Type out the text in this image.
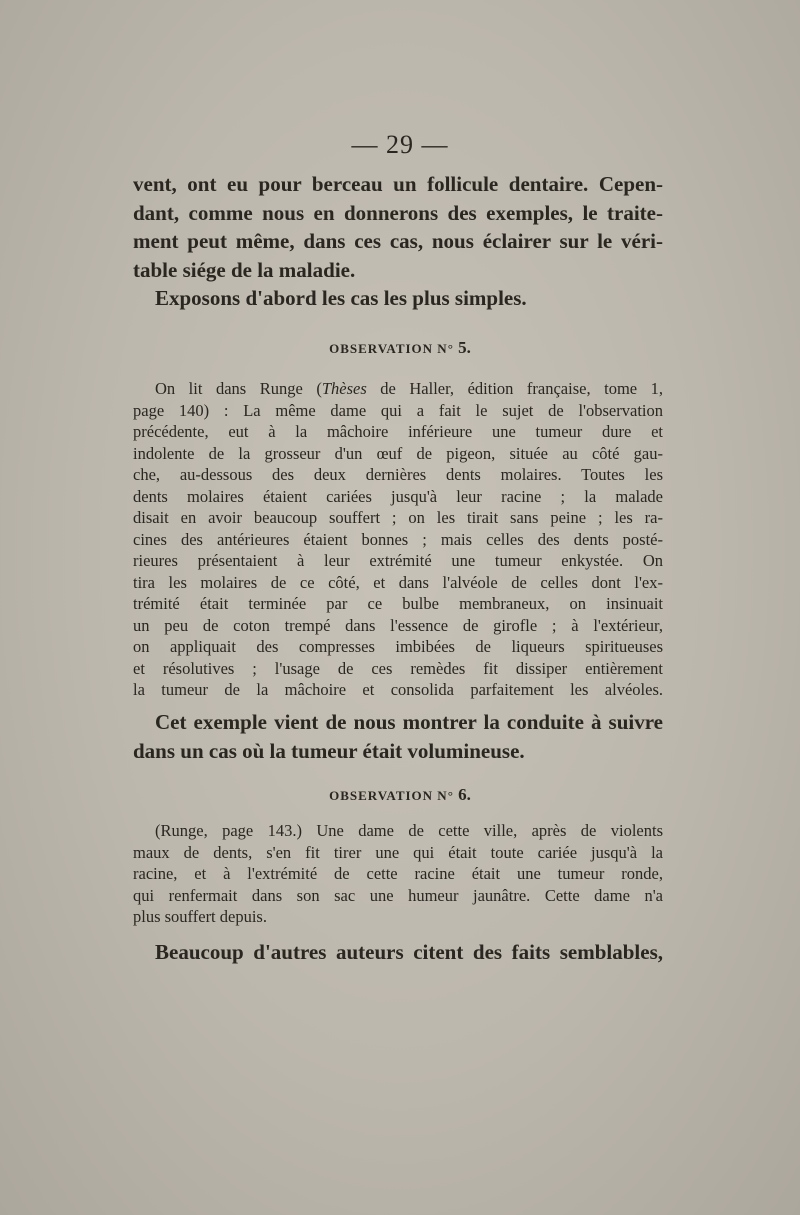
— 29 —

vent, ont eu pour berceau un follicule dentaire. Cepen-
dant, comme nous en donnerons des exemples, le traite-
ment peut même, dans ces cas, nous éclairer sur le véri-
table siége de la maladie.
Exposons d'abord les cas les plus simples.

OBSERVATION N° 5.

On lit dans Runge (Thèses de Haller, édition française, tome 1,
page 140) : La même dame qui a fait le sujet de l'observation
précédente, eut à la mâchoire inférieure une tumeur dure et
indolente de la grosseur d'un œuf de pigeon, située au côté gau-
che, au-dessous des deux dernières dents molaires. Toutes les
dents molaires étaient cariées jusqu'à leur racine ; la malade
disait en avoir beaucoup souffert ; on les tirait sans peine ; les ra-
cines des antérieures étaient bonnes ; mais celles des dents posté-
rieures présentaient à leur extrémité une tumeur enkystée. On
tira les molaires de ce côté, et dans l'alvéole de celles dont l'ex-
trémité était terminée par ce bulbe membraneux, on insinuait
un peu de coton trempé dans l'essence de girofle ; à l'extérieur,
on appliquait des compresses imbibées de liqueurs spiritueuses
et résolutives ; l'usage de ces remèdes fit dissiper entièrement
la tumeur de la mâchoire et consolida parfaitement les alvéoles.

Cet exemple vient de nous montrer la conduite à suivre
dans un cas où la tumeur était volumineuse.

OBSERVATION N° 6.

(Runge, page 143.) Une dame de cette ville, après de violents
maux de dents, s'en fit tirer une qui était toute cariée jusqu'à la
racine, et à l'extrémité de cette racine était une tumeur ronde,
qui renfermait dans son sac une humeur jaunâtre. Cette dame n'a
plus souffert depuis.

Beaucoup d'autres auteurs citent des faits semblables,
